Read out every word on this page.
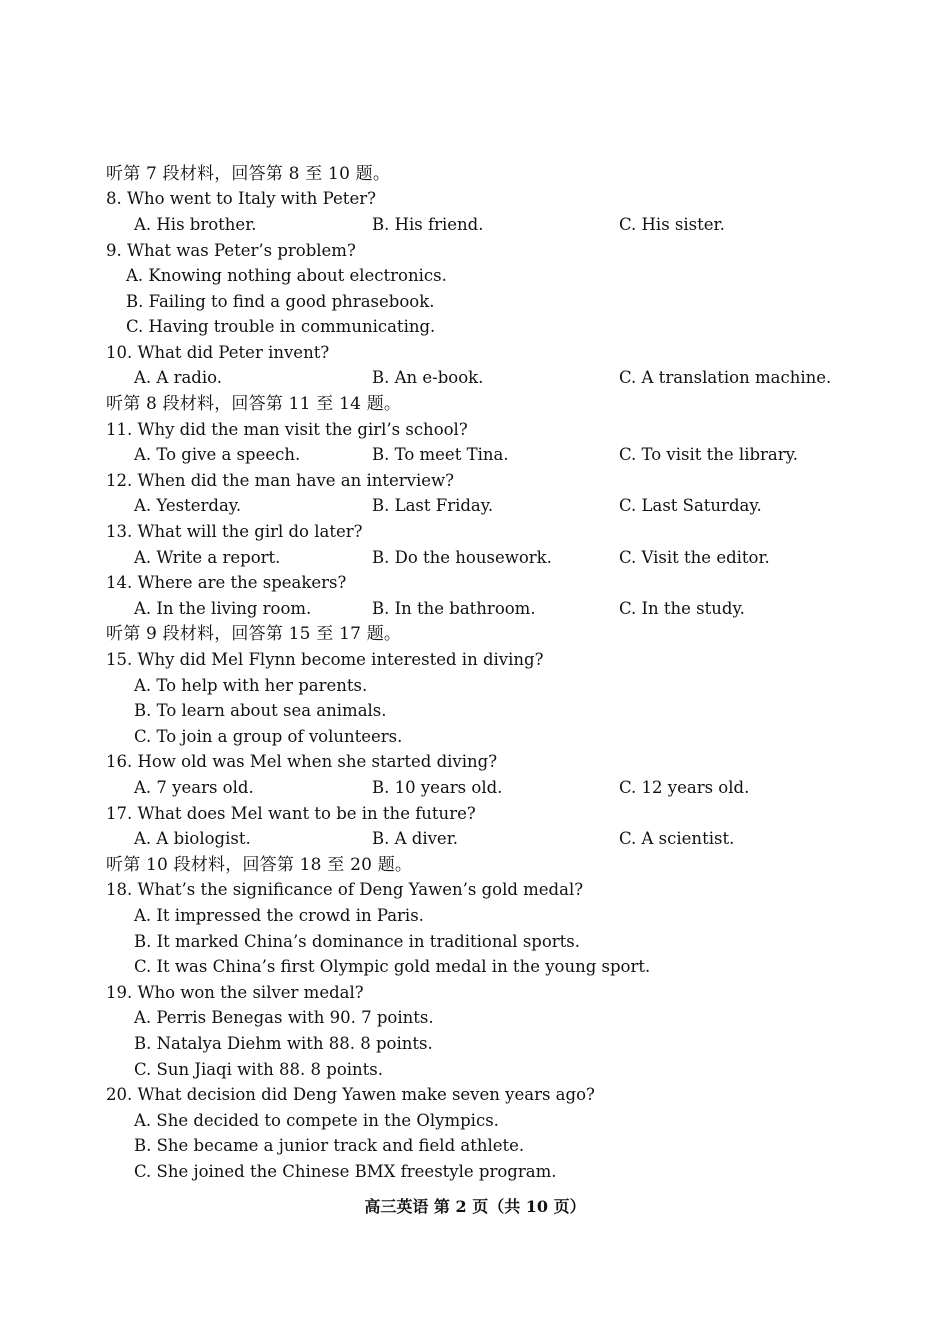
听第 7 段材料，回答第 8 至 10 题。
8. Who went to Italy with Peter?
A. His brother.	B. His friend.	C. His sister.
9. What was Peter’s problem?
A. Knowing nothing about electronics.
B. Failing to find a good phrasebook.
C. Having trouble in communicating.
10. What did Peter invent?
A. A radio.	B. An e-book.	C. A translation machine.
听第 8 段材料，回答第 11 至 14 题。
11. Why did the man visit the girl’s school?
A. To give a speech.	B. To meet Tina.	C. To visit the library.
12. When did the man have an interview?
A. Yesterday.	B. Last Friday.	C. Last Saturday.
13. What will the girl do later?
A. Write a report.	B. Do the housework.	C. Visit the editor.
14. Where are the speakers?
A. In the living room.	B. In the bathroom.	C. In the study.
听第 9 段材料，回答第 15 至 17 题。
15. Why did Mel Flynn become interested in diving?
A. To help with her parents.
B. To learn about sea animals.
C. To join a group of volunteers.
16. How old was Mel when she started diving?
A. 7 years old.	B. 10 years old.	C. 12 years old.
17. What does Mel want to be in the future?
A. A biologist.	B. A diver.	C. A scientist.
听第 10 段材料，回答第 18 至 20 题。
18. What’s the significance of Deng Yawen’s gold medal?
A. It impressed the crowd in Paris.
B. It marked China’s dominance in traditional sports.
C. It was China’s first Olympic gold medal in the young sport.
19. Who won the silver medal?
A. Perris Benegas with 90. 7 points.
B. Natalya Diehm with 88. 8 points.
C. Sun Jiaqi with 88. 8 points.
20. What decision did Deng Yawen make seven years ago?
A. She decided to compete in the Olympics.
B. She became a junior track and field athlete.
C. She joined the Chinese BMX freestyle program.
高三英语 第 2 页（共 10 页）
